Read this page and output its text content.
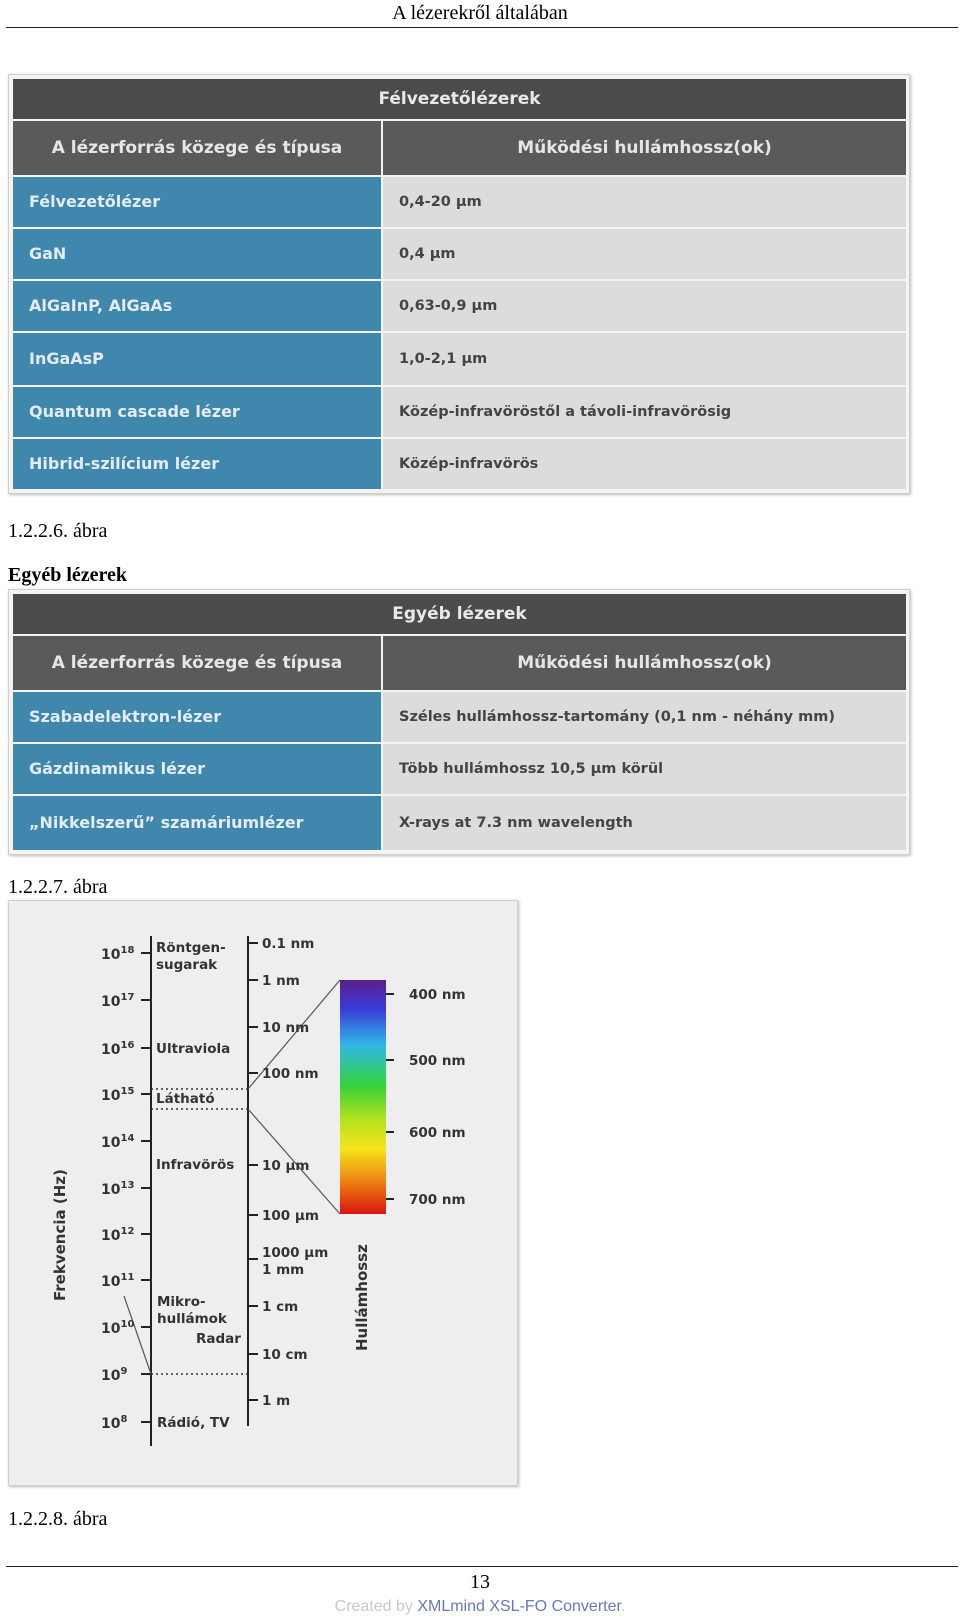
A lézerekről általában
Félvezetőlézerek
A lézerforrás közege és típusa	Működési hullámhossz(ok)
Félvezetőlézer	0,4-20 μm
GaN	0,4 μm
AlGaInP, AlGaAs	0,63-0,9 μm
InGaAsP	1,0-2,1 μm
Quantum cascade lézer	Közép-infravöröstől a távoli-infravörösig
Hibrid-szilícium lézer	Közép-infravörös
1.2.2.6. ábra
Egyéb lézerek
Egyéb lézerek
A lézerforrás közege és típusa	Működési hullámhossz(ok)
Szabadelektron-lézer	Széles hullámhossz-tartomány (0,1 nm - néhány mm)
Gázdinamikus lézer	Több hullámhossz 10,5 μm körül
„Nikkelszerű” szamáriumlézer	X-rays at 7.3 nm wavelength
1.2.2.7. ábra
$10^{18}$
$10^{17}$
$10^{16}$
$10^{15}$
$10^{14}$
$10^{13}$
$10^{12}$
$10^{11}$
$10^{10}$
$10^9$
$10^8$
Röntgen-
sugarak
Ultraviola
Látható
Infravörös
Mikro-
hullámok
Radar
Rádió, TV
0.1 nm
1 nm
10 nm
100 nm
10 μm
100 μm
1000 μm
1 mm
1 cm
10 cm
1 m
400 nm
500 nm
600 nm
700 nm
Frekvencia (Hz)	Hullámhossz
1.2.2.8. ábra
13
Created by XMLmind XSL-FO Converter.
